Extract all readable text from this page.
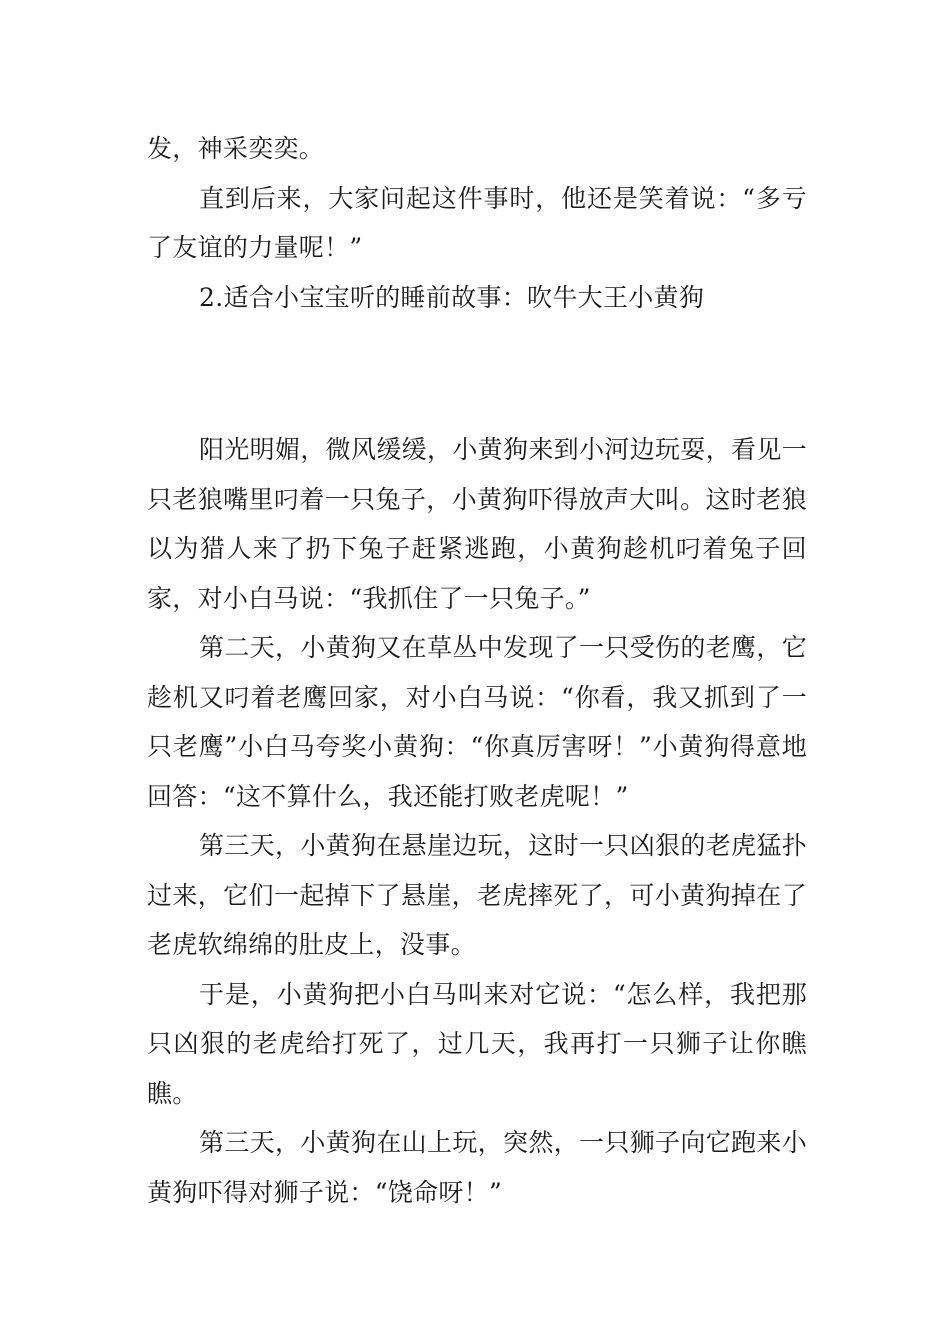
发，神采奕奕。

直到后来，大家问起这件事时，他还是笑着说：“多亏了友谊的力量呢！”

2.适合小宝宝听的睡前故事：吹牛大王小黄狗

阳光明媚，微风缓缓，小黄狗来到小河边玩耍，看见一只老狼嘴里叼着一只兔子，小黄狗吓得放声大叫。这时老狼以为猎人来了扔下兔子赶紧逃跑，小黄狗趁机叼着兔子回家，对小白马说：“我抓住了一只兔子。”

第二天，小黄狗又在草丛中发现了一只受伤的老鹰，它趁机又叼着老鹰回家，对小白马说：“你看，我又抓到了一只老鹰”小白马夸奖小黄狗：“你真厉害呀！”小黄狗得意地回答：“这不算什么，我还能打败老虎呢！”

第三天，小黄狗在悬崖边玩，这时一只凶狠的老虎猛扑过来，它们一起掉下了悬崖，老虎摔死了，可小黄狗掉在了老虎软绵绵的肚皮上，没事。

于是，小黄狗把小白马叫来对它说：“怎么样，我把那只凶狠的老虎给打死了，过几天，我再打一只狮子让你瞧瞧。

第三天，小黄狗在山上玩，突然，一只狮子向它跑来小黄狗吓得对狮子说：“饶命呀！”
